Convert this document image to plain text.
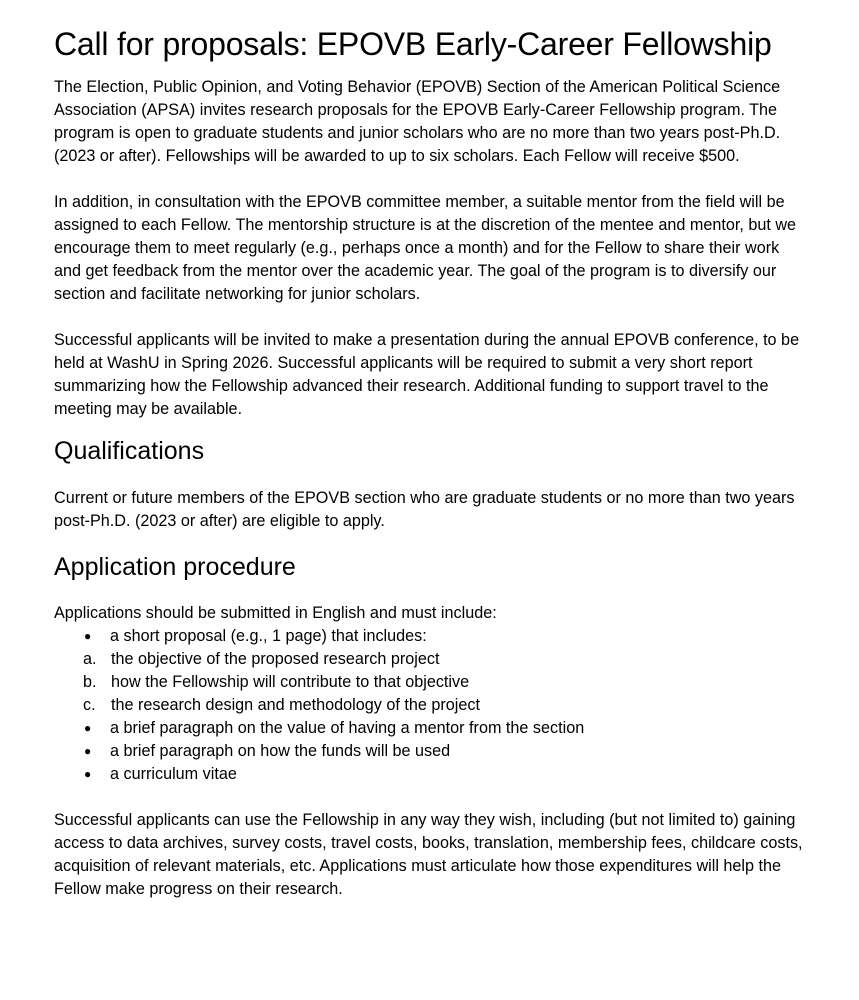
Call for proposals: EPOVB Early-Career Fellowship

The Election, Public Opinion, and Voting Behavior (EPOVB) Section of the American Political Science Association (APSA) invites research proposals for the EPOVB Early-Career Fellowship program. The program is open to graduate students and junior scholars who are no more than two years post-Ph.D. (2023 or after). Fellowships will be awarded to up to six scholars. Each Fellow will receive $500.

In addition, in consultation with the EPOVB committee member, a suitable mentor from the field will be assigned to each Fellow. The mentorship structure is at the discretion of the mentee and mentor, but we encourage them to meet regularly (e.g., perhaps once a month) and for the Fellow to share their work and get feedback from the mentor over the academic year. The goal of the program is to diversify our section and facilitate networking for junior scholars.

Successful applicants will be invited to make a presentation during the annual EPOVB conference, to be held at WashU in Spring 2026. Successful applicants will be required to submit a very short report summarizing how the Fellowship advanced their research. Additional funding to support travel to the meeting may be available.

Qualifications

Current or future members of the EPOVB section who are graduate students or no more than two years post-Ph.D. (2023 or after) are eligible to apply.

Application procedure

Applications should be submitted in English and must include:

● a short proposal (e.g., 1 page) that includes:
a. the objective of the proposed research project
b. how the Fellowship will contribute to that objective
c. the research design and methodology of the project
● a brief paragraph on the value of having a mentor from the section
● a brief paragraph on how the funds will be used
● a curriculum vitae

Successful applicants can use the Fellowship in any way they wish, including (but not limited to) gaining access to data archives, survey costs, travel costs, books, translation, membership fees, childcare costs, acquisition of relevant materials, etc. Applications must articulate how those expenditures will help the Fellow make progress on their research.
